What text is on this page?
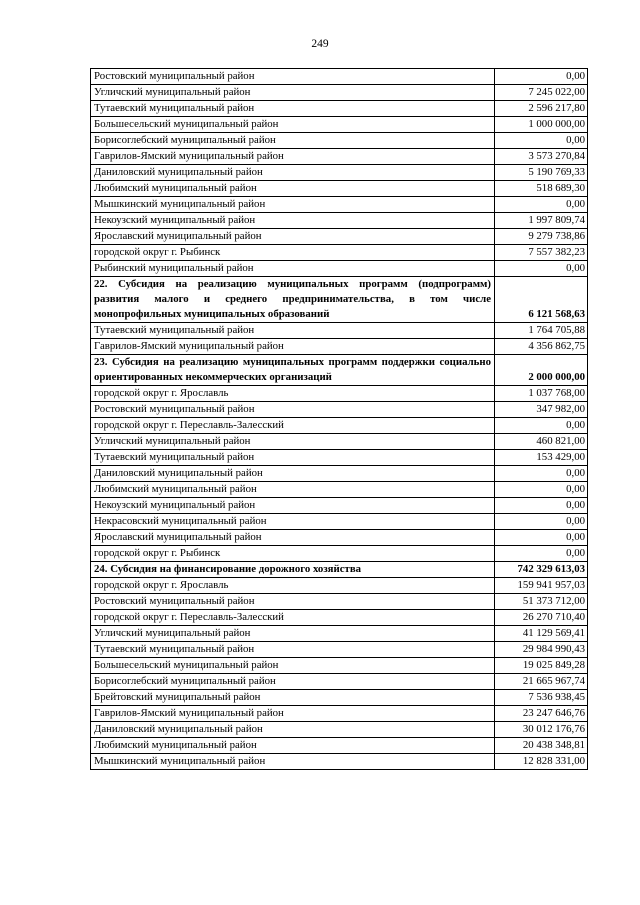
249
Ростовский муниципальный район	0,00
Угличский муниципальный район	7 245 022,00
Тутаевский муниципальный район	2 596 217,80
Большесельский муниципальный район	1 000 000,00
Борисоглебский муниципальный район	0,00
Гаврилов-Ямский муниципальный район	3 573 270,84
Даниловский муниципальный район	5 190 769,33
Любимский муниципальный район	518 689,30
Мышкинский муниципальный район	0,00
Некоузский муниципальный район	1 997 809,74
Ярославский муниципальный район	9 279 738,86
городской округ г. Рыбинск	7 557 382,23
Рыбинский муниципальный район	0,00
22. Субсидия на реализацию муниципальных программ (подпрограмм) развития малого и среднего предпринимательства, в том числе монопрофильных муниципальных образований	6 121 568,63
Тутаевский муниципальный район	1 764 705,88
Гаврилов-Ямский муниципальный район	4 356 862,75
23. Субсидия на реализацию муниципальных программ поддержки социально ориентированных некоммерческих организаций	2 000 000,00
городской округ г. Ярославль	1 037 768,00
Ростовский муниципальный район	347 982,00
городской округ г. Переславль-Залесский	0,00
Угличский муниципальный район	460 821,00
Тутаевский муниципальный район	153 429,00
Даниловский муниципальный район	0,00
Любимский муниципальный район	0,00
Некоузский муниципальный район	0,00
Некрасовский муниципальный район	0,00
Ярославский муниципальный район	0,00
городской округ г. Рыбинск	0,00
24. Субсидия на финансирование дорожного хозяйства	742 329 613,03
городской округ г. Ярославль	159 941 957,03
Ростовский муниципальный район	51 373 712,00
городской округ г. Переславль-Залесский	26 270 710,40
Угличский муниципальный район	41 129 569,41
Тутаевский муниципальный район	29 984 990,43
Большесельский муниципальный район	19 025 849,28
Борисоглебский муниципальный район	21 665 967,74
Брейтовский муниципальный район	7 536 938,45
Гаврилов-Ямский муниципальный район	23 247 646,76
Даниловский муниципальный район	30 012 176,76
Любимский муниципальный район	20 438 348,81
Мышкинский муниципальный район	12 828 331,00
